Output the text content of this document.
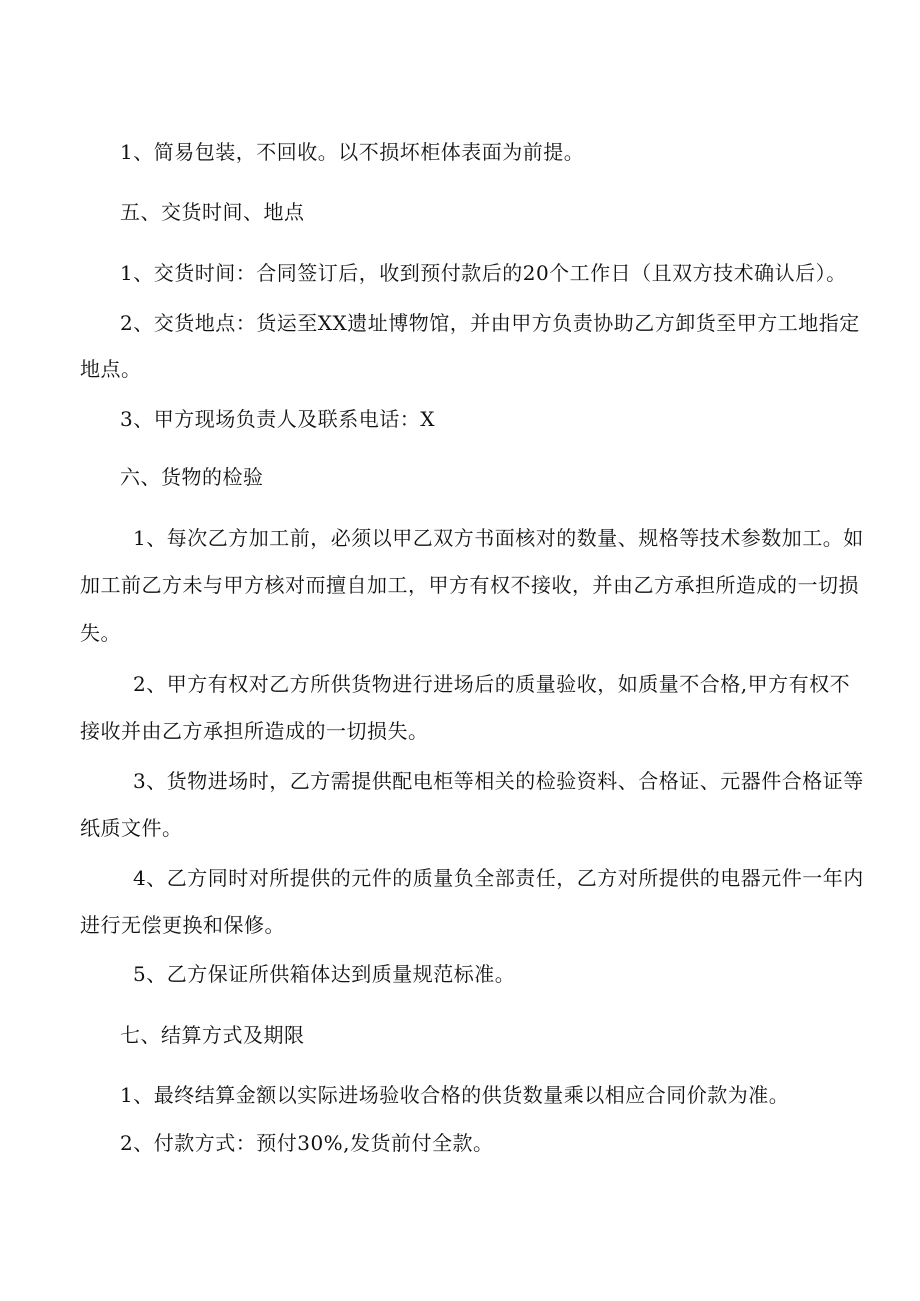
1、简易包装，不回收。以不损坏柜体表面为前提。
五、交货时间、地点
1、交货时间：合同签订后，收到预付款后的20个工作日（且双方技术确认后）。
2、交货地点：货运至XX遗址博物馆，并由甲方负责协助乙方卸货至甲方工地指定
地点。
3、甲方现场负责人及联系电话：X
六、货物的检验
1、每次乙方加工前，必须以甲乙双方书面核对的数量、规格等技术参数加工。如
加工前乙方未与甲方核对而擅自加工，甲方有权不接收，并由乙方承担所造成的一切损
失。
2、甲方有权对乙方所供货物进行进场后的质量验收，如质量不合格,甲方有权不
接收并由乙方承担所造成的一切损失。
3、货物进场时，乙方需提供配电柜等相关的检验资料、合格证、元器件合格证等
纸质文件。
4、乙方同时对所提供的元件的质量负全部责任，乙方对所提供的电器元件一年内
进行无偿更换和保修。
5、乙方保证所供箱体达到质量规范标准。
七、结算方式及期限
1、最终结算金额以实际进场验收合格的供货数量乘以相应合同价款为准。
2、付款方式：预付30%,发货前付全款。
